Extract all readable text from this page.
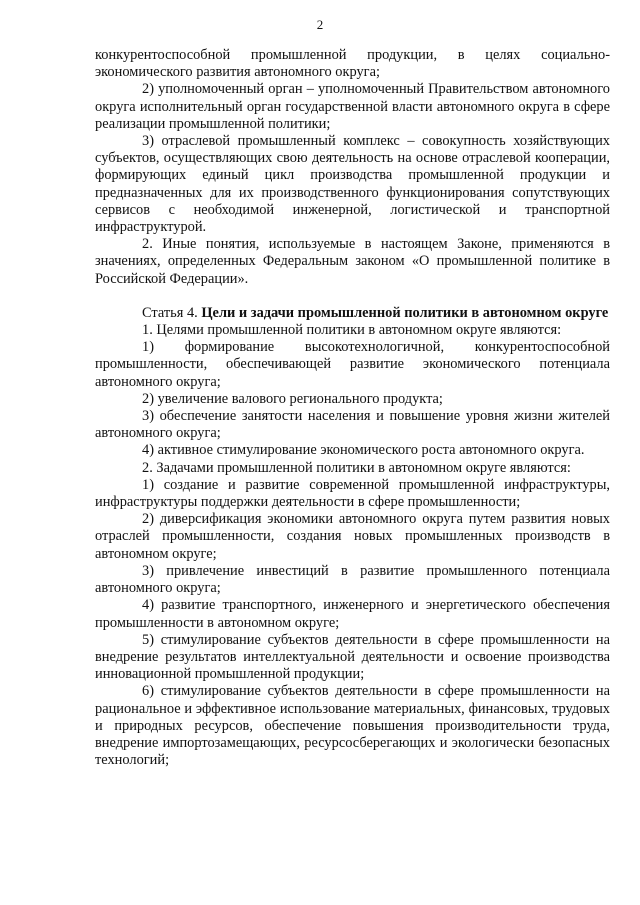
2

конкурентоспособной промышленной продукции, в целях социально-экономического развития автономного округа;

2) уполномоченный орган – уполномоченный Правительством автономного округа исполнительный орган государственной власти автономного округа в сфере реализации промышленной политики;

3) отраслевой промышленный комплекс – совокупность хозяйствующих субъектов, осуществляющих свою деятельность на основе отраслевой кооперации, формирующих единый цикл производства промышленной продукции и предназначенных для их производственного функционирования сопутствующих сервисов с необходимой инженерной, логистической и транспортной инфраструктурой.

2. Иные понятия, используемые в настоящем Законе, применяются в значениях, определенных Федеральным законом «О промышленной политике в Российской Федерации».

Статья 4. Цели и задачи промышленной политики в автономном округе

1. Целями промышленной политики в автономном округе являются:

1) формирование высокотехнологичной, конкурентоспособной промышленности, обеспечивающей развитие экономического потенциала автономного округа;

2) увеличение валового регионального продукта;

3) обеспечение занятости населения и повышение уровня жизни жителей автономного округа;

4) активное стимулирование экономического роста автономного округа.

2. Задачами промышленной политики в автономном округе являются:

1) создание и развитие современной промышленной инфраструктуры, инфраструктуры поддержки деятельности в сфере промышленности;

2) диверсификация экономики автономного округа путем развития новых отраслей промышленности, создания новых промышленных производств в автономном округе;

3) привлечение инвестиций в развитие промышленного потенциала автономного округа;

4) развитие транспортного, инженерного и энергетического обеспечения промышленности в автономном округе;

5) стимулирование субъектов деятельности в сфере промышленности на внедрение результатов интеллектуальной деятельности и освоение производства инновационной промышленной продукции;

6) стимулирование субъектов деятельности в сфере промышленности на рациональное и эффективное использование материальных, финансовых, трудовых и природных ресурсов, обеспечение повышения производительности труда, внедрение импортозамещающих, ресурсосберегающих и экологически безопасных технологий;
